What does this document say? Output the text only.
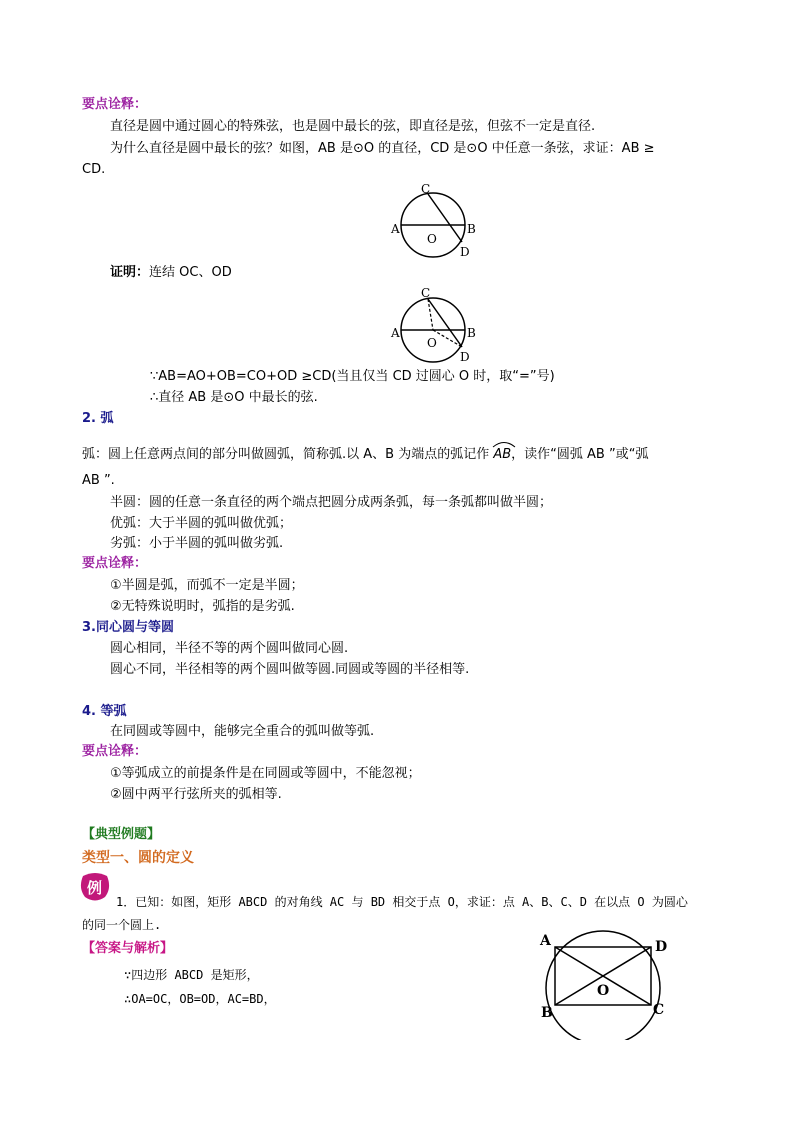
要点诠释：
直径是圆中通过圆心的特殊弦，也是圆中最长的弦，即直径是弦，但弦不一定是直径.
为什么直径是圆中最长的弦？如图，AB 是⊙O 的直径，CD 是⊙O 中任意一条弦，求证：AB ≥
CD.
C
A
O
B
D
证明：连结 OC、OD
C
A
O
B
D
∵AB=AO+OB=CO+OD ≥CD(当且仅当 CD 过圆心 O 时，取“=”号)
∴直径 AB 是⊙O 中最长的弦.
2. 弧
弧：圆上任意两点间的部分叫做圆弧，简称弧.以 A、B 为端点的弧记作 AB，读作“圆弧 AB ”或“弧
AB ”.
半圆：圆的任意一条直径的两个端点把圆分成两条弧，每一条弧都叫做半圆；
优弧：大于半圆的弧叫做优弧；
劣弧：小于半圆的弧叫做劣弧.
要点诠释：
①半圆是弧，而弧不一定是半圆；
②无特殊说明时，弧指的是劣弧.
3.同心圆与等圆
圆心相同，半径不等的两个圆叫做同心圆.
圆心不同，半径相等的两个圆叫做等圆.同圆或等圆的半径相等.
4. 等弧
在同圆或等圆中，能够完全重合的弧叫做等弧.
要点诠释：
①等弧成立的前提条件是在同圆或等圆中，不能忽视；
②圆中两平行弦所夹的弧相等.
【典型例题】
类型一、圆的定义
例
1．已知：如图，矩形 ABCD 的对角线 AC 与 BD 相交于点 O，求证：点 A、B、C、D 在以点 O 为圆心
的同一个圆上.
【答案与解析】
∵四边形 ABCD 是矩形，
∴OA=OC，OB=OD，AC=BD，
A	D
O
B	C
